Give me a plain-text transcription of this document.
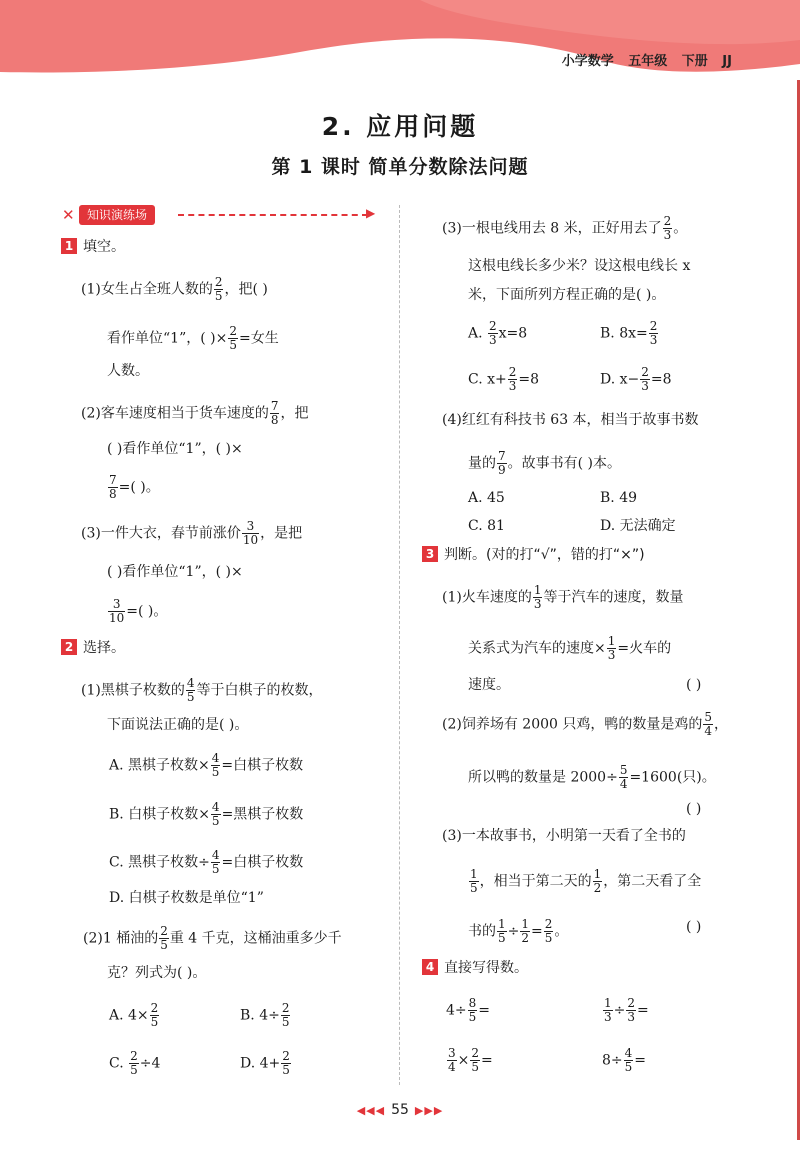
小学数学 五年级 下册 JJ
2. 应用问题
第 1 课时 简单分数除法问题
✕	知识演练场	▶
1 填空。
(1)女生占全班人数的 $\frac{2}{5}$ ，把( )
看作单位“1”，( )× $\frac{2}{5}$ =女生
人数。
(2)客车速度相当于货车速度的 $\frac{7}{8}$ ，把
( )看作单位“1”，( )×
$\frac{7}{8}$ =( )。
(3)一件大衣，春节前涨价 $\frac{3}{10}$ ，是把
( )看作单位“1”，( )×
$\frac{3}{10}$ =( )。
2 选择。
(1)黑棋子枚数的 $\frac{4}{5}$ 等于白棋子的枚数，
下面说法正确的是( )。
A. 黑棋子枚数× $\frac{4}{5}$ =白棋子枚数
B. 白棋子枚数× $\frac{4}{5}$ =黑棋子枚数
C. 黑棋子枚数÷ $\frac{4}{5}$ =白棋子枚数
D. 白棋子枚数是单位“1”
(2)1 桶油的 $\frac{2}{5}$ 重 4 千克，这桶油重多少千
克？列式为( )。
A. $4\times \frac{2}{5}$	B. $4\div \frac{2}{5}$
C. $\frac{2}{5} \div 4$	D. $4+ \frac{2}{5}$
(3)一根电线用去 8 米，正好用去了 $\frac{2}{3}$ 。
这根电线长多少米？设这根电线长 x
米，下面所列方程正确的是( )。
A. $\frac{2}{3} x=8$	B. $8x= \frac{2}{3}$
C. $x+ \frac{2}{3} =8$	D. $x- \frac{2}{3} =8$
(4)红红有科技书 63 本，相当于故事书数
量的 $\frac{7}{9}$ 。故事书有( )本。
A. 45	B. 49
C. 81	D. 无法确定
3 判断。(对的打“√”，错的打“×”)
(1)火车速度的 $\frac{1}{3}$ 等于汽车的速度，数量
关系式为汽车的速度× $\frac{1}{3}$ =火车的
速度。	( )
(2)饲养场有 2000 只鸡，鸭的数量是鸡的 $\frac{5}{4}$ ，
所以鸭的数量是 $2000\div \frac{5}{4} =1600$(只)。
( )
(3)一本故事书，小明第一天看了全书的
$\frac{1}{5}$ ，相当于第二天的 $\frac{1}{2}$ ，第二天看了全
书的 $\frac{1}{5} \div \frac{1}{2} = \frac{2}{5}$ 。	( )
4 直接写得数。
$4\div \frac{8}{5}$ =	$\frac{1}{3} \div \frac{2}{3}$ =
$\frac{3}{4} \times \frac{2}{5}$ =	$8\div \frac{4}{5}$ =
◀◀◀ 55 ▶▶▶
